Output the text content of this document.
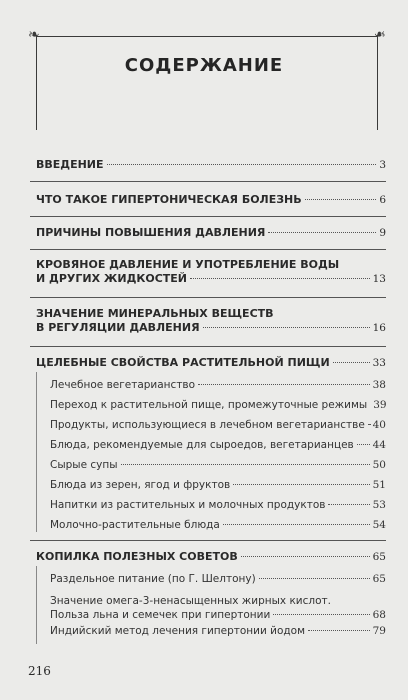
❧	❧
СОДЕРЖАНИЕ
ВВЕДЕНИЕ	3
ЧТО ТАКОЕ ГИПЕРТОНИЧЕСКАЯ БОЛЕЗНЬ	6
ПРИЧИНЫ ПОВЫШЕНИЯ ДАВЛЕНИЯ	9
КРОВЯНОЕ ДАВЛЕНИЕ И УПОТРЕБЛЕНИЕ ВОДЫ
И ДРУГИХ ЖИДКОСТЕЙ	13
ЗНАЧЕНИЕ МИНЕРАЛЬНЫХ ВЕЩЕСТВ
В РЕГУЛЯЦИИ ДАВЛЕНИЯ	16
ЦЕЛЕБНЫЕ СВОЙСТВА РАСТИТЕЛЬНОЙ ПИЩИ	33
Лечебное вегетарианство	38
Переход к растительной пище, промежуточные режимы 39
Продукты, использующиеся в лечебном вегетарианстве 40
Блюда, рекомендуемые для сыроедов, вегетарианцев 44
Сырые супы	50
Блюда из зерен, ягод и фруктов	51
Напитки из растительных и молочных продуктов	53
Молочно-растительные блюда	54
КОПИЛКА ПОЛЕЗНЫХ СОВЕТОВ	65
Раздельное питание (по Г. Шелтону)	65
Значение омега-3-ненасыщенных жирных кислот.
Польза льна и семечек при гипертонии	68
Индийский метод лечения гипертонии йодом	79
216
